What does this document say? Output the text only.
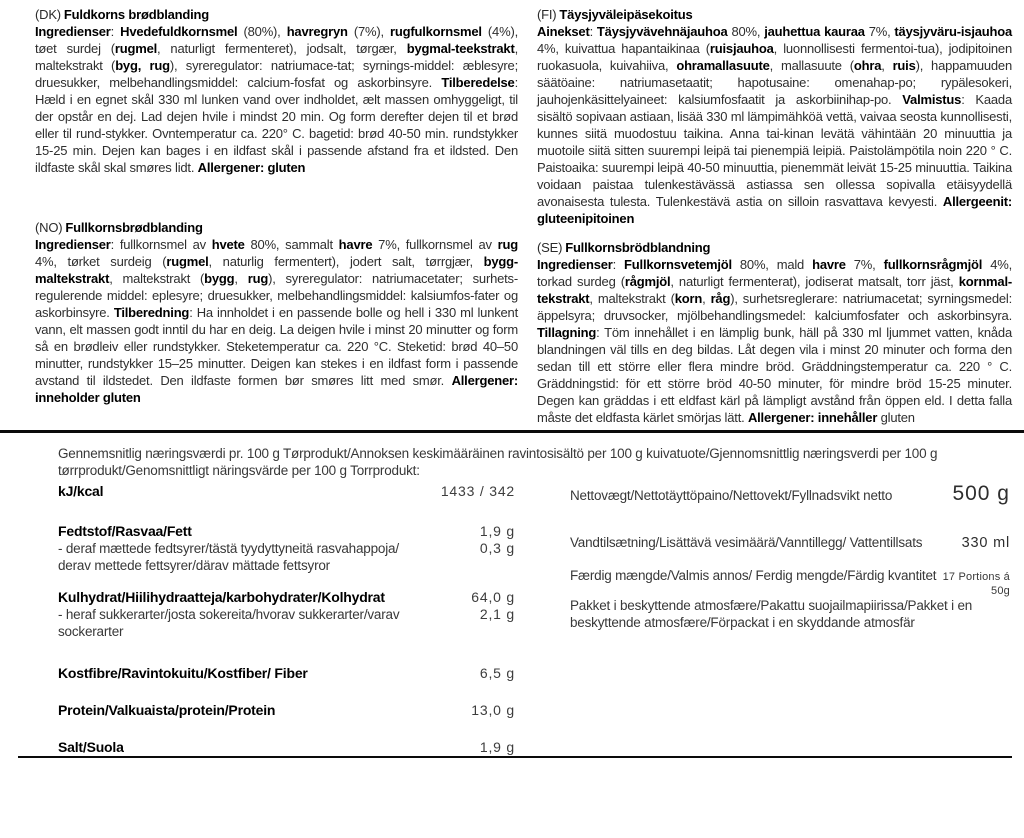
(DK) Fuldkorns brødblanding

Ingredienser: Hvedefuldkornsmel (80%), havregryn (7%), rugfulkornsmel (4%), tøet surdej (rugmel, naturligt fermenteret), jodsalt, tørgær, bygmal-teekstrakt, maltekstrakt (byg, rug), syreregulator: natriumace-tat; syrnings-middel: æblesyre; druesukker, melbehandlingsmiddel: calcium-fosfat og askorbinsyre. Tilberedelse: Hæld i en egnet skål 330 ml lunken vand over indholdet, ælt massen omhyggeligt, til der opstår en dej. Lad dejen hvile i mindst 20 min. Og form derefter dejen til et brød eller til rund-stykker. Ovntemperatur ca. 220° C. bagetid: brød 40-50 min. rundstykker 15-25 min. Dejen kan bages i en ildfast skål i passende afstand fra et ildsted. Den ildfaste skål skal smøres lidt. Allergener: gluten

(NO) Fullkornsbrødblanding

Ingredienser: fullkornsmel av hvete 80%, sammalt havre 7%, fullkornsmel av rug 4%, tørket surdeig (rugmel, naturlig fermentert), jodert salt, tørrgjær, bygg-maltekstrakt, maltekstrakt (bygg, rug), syreregulator: natriumacetater; surhets-regulerende middel: eplesyre; druesukker, melbehandlingsmiddel: kalsiumfos-fater og askorbinsyre. Tilberedning: Ha innholdet i en passende bolle og hell i 330 ml lunkent vann, elt massen godt inntil du har en deig. La deigen hvile i minst 20 minutter og form så en brødleiv eller rundstykker. Steketemperatur ca. 220 °C. Steketid: brød 40–50 minutter, rundstykker 15–25 minutter. Deigen kan stekes i en ildfast form i passende avstand til ildstedet. Den ildfaste formen bør smøres litt med smør. Allergener: inneholder gluten

(FI) Täysjyväleipäsekoitus

Ainekset: Täysjyvävehnäjauhoa 80%, jauhettua kauraa 7%, täysjyväru-isjauhoa 4%, kuivattua hapantaikinaa (ruisjauhoa, luonnollisesti fermentoi-tua), jodipitoinen ruokasuola, kuivahiiva, ohramallasuute, mallasuute (ohra, ruis), happamuuden säätöaine: natriumasetaatit; hapotusaine: omenahap-po; rypälesokeri, jauhojenkäsittelyaineet: kalsiumfosfaatit ja askorbiinihap-po. Valmistus: Kaada sisältö sopivaan astiaan, lisää 330 ml lämpimähköä vettä, vaivaa seosta kunnollisesti, kunnes siitä muodostuu taikina. Anna tai-kinan levätä vähintään 20 minuuttia ja muotoile siitä sitten suurempi leipä tai pienempiä leipiä. Paistolämpötila noin 220 ° C. Paistoaika: suurempi leipä 40-50 minuuttia, pienemmät leivät 15-25 minuuttia. Taikina voidaan paistaa tulenkestävässä astiassa sen ollessa sopivalla etäisyydellä avonaisesta tulesta. Tulenkestävä astia on silloin rasvattava kevyesti. Allergeenit: gluteenipitoinen

(SE) Fullkornsbrödblandning

Ingredienser: Fullkornsvetemjöl 80%, mald havre 7%, fullkornsrågmjöl 4%, torkad surdeg (rågmjöl, naturligt fermenterat), jodiserat matsalt, torr jäst, kornmal-tekstrakt, maltekstrakt (korn, råg), surhetsreglerare: natriumacetat; syrningsmedel: äppelsyra; druvsocker, mjölbehandlingsmedel: kalciumfosfater och askorbinsyra. Tillagning: Töm innehållet i en lämplig bunk, häll på 330 ml ljummet vatten, knåda blandningen väl tills en deg bildas. Låt degen vila i minst 20 minuter och forma den sedan till ett större eller flera mindre bröd. Gräddningstemperatur ca. 220 ° C. Gräddningstid: för ett större bröd 40-50 minuter, för mindre bröd 15-25 minuter. Degen kan gräddas i ett eldfast kärl på lämpligt avstånd från öppen eld. I detta falla måste det eldfasta kärlet smörjas lätt. Allergener: innehåller gluten

Gennemsnitlig næringsværdi pr. 100 g Tørprodukt/Annoksen keskimääräinen ravintosisältö per 100 g kuivatuote/Gjennomsnittlig næringsverdi per 100 g tørrprodukt/Genomsnittligt näringsvärde per 100 g Torrprodukt:
kJ/kcal	1433 / 342
Fedtstof/Rasvaa/Fett	1,9 g
- deraf mættede fedtsyrer/tästä tyydyttyneitä rasvahappoja/	0,3 g
derav mettede fettsyrer/därav mättade fettsyror
Kulhydrat/Hiilihydraatteja/karbohydrater/Kolhydrat	64,0 g
- heraf sukkerarter/josta sokereita/hvorav sukkerarter/varav	2,1 g
sockerarter
Kostfibre/Ravintokuitu/Kostfiber/ Fiber	6,5 g
Protein/Valkuaista/protein/Protein	13,0 g
Salt/Suola	1,9 g
Nettovægt/Nettotäyttöpaino/Nettovekt/Fyllnadsvikt netto	500 g
Vandtilsætning/Lisättävä vesimäärä/Vanntillegg/ Vattentillsats	330 ml
Færdig mængde/Valmis annos/ Ferdig mengde/Färdig kvantitet 17 Portions á
50g

Pakket i beskyttende atmosfære/Pakattu suojailmapiirissa/Pakket i en beskyttende atmosfære/Förpackat i en skyddande atmosfär
